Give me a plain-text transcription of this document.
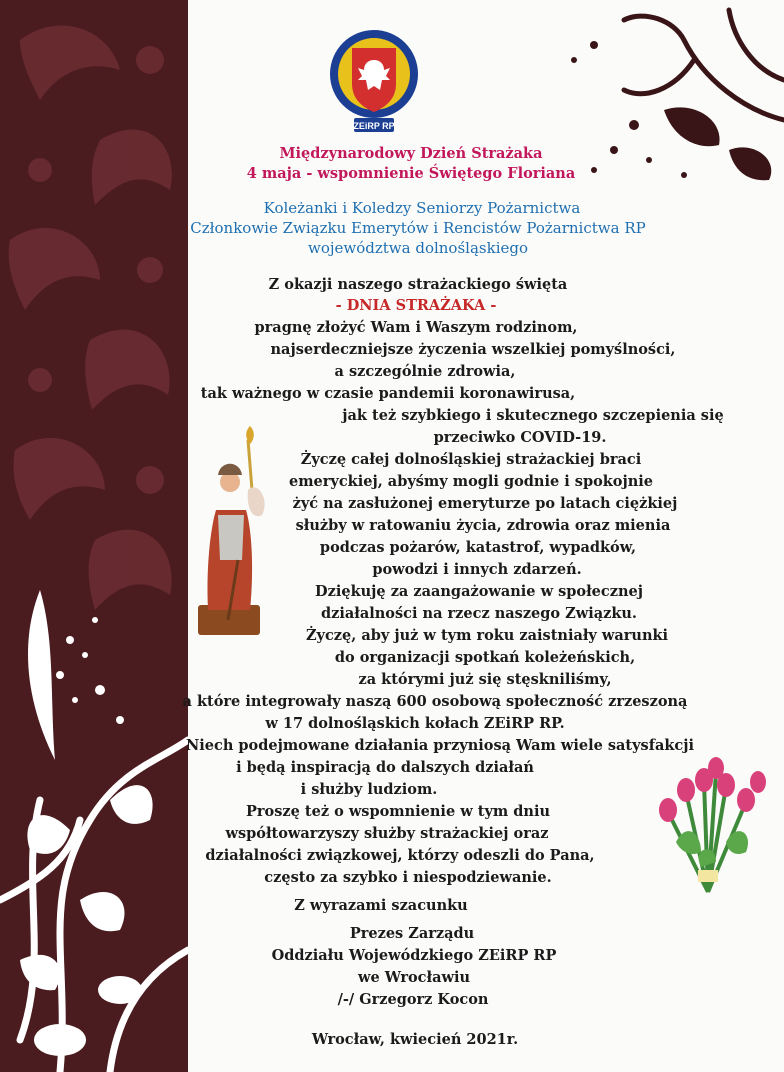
ZEiRP RP
Międzynarodowy Dzień Strażaka
4 maja - wspomnienie Świętego Floriana
Koleżanki i Koledzy Seniorzy Pożarnictwa
Członkowie Związku Emerytów i Rencistów Pożarnictwa RP
województwa dolnośląskiego
Z okazji naszego strażackiego święta
- DNIA STRAŻAKA -
pragnę złożyć Wam i Waszym rodzinom,
najserdeczniejsze życzenia wszelkiej pomyślności,
a szczególnie zdrowia,
tak ważnego w czasie pandemii koronawirusa,
jak też szybkiego i skutecznego szczepienia się
przeciwko COVID-19.
Życzę całej dolnośląskiej strażackiej braci
emeryckiej, abyśmy mogli godnie i spokojnie
żyć na zasłużonej emeryturze po latach ciężkiej
służby w ratowaniu życia, zdrowia oraz mienia
podczas pożarów, katastrof, wypadków,
powodzi i innych zdarzeń.
Dziękuję za zaangażowanie w społecznej
działalności na rzecz naszego Związku.
Życzę, aby już w tym roku zaistniały warunki
do organizacji spotkań koleżeńskich,
za którymi już się stęskniliśmy,
a które integrowały naszą 600 osobową społeczność zrzeszoną
w 17 dolnośląskich kołach ZEiRP RP.
Niech podejmowane działania przyniosą Wam wiele satysfakcji
i będą inspiracją do dalszych działań
i służby ludziom.
Proszę też o wspomnienie w tym dniu
współtowarzyszy służby strażackiej oraz
działalności związkowej, którzy odeszli do Pana,
często za szybko i niespodziewanie.
Z wyrazami szacunku
Prezes Zarządu
Oddziału Wojewódzkiego ZEiRP RP
we Wrocławiu
/-/ Grzegorz Kocon
Wrocław, kwiecień 2021r.
